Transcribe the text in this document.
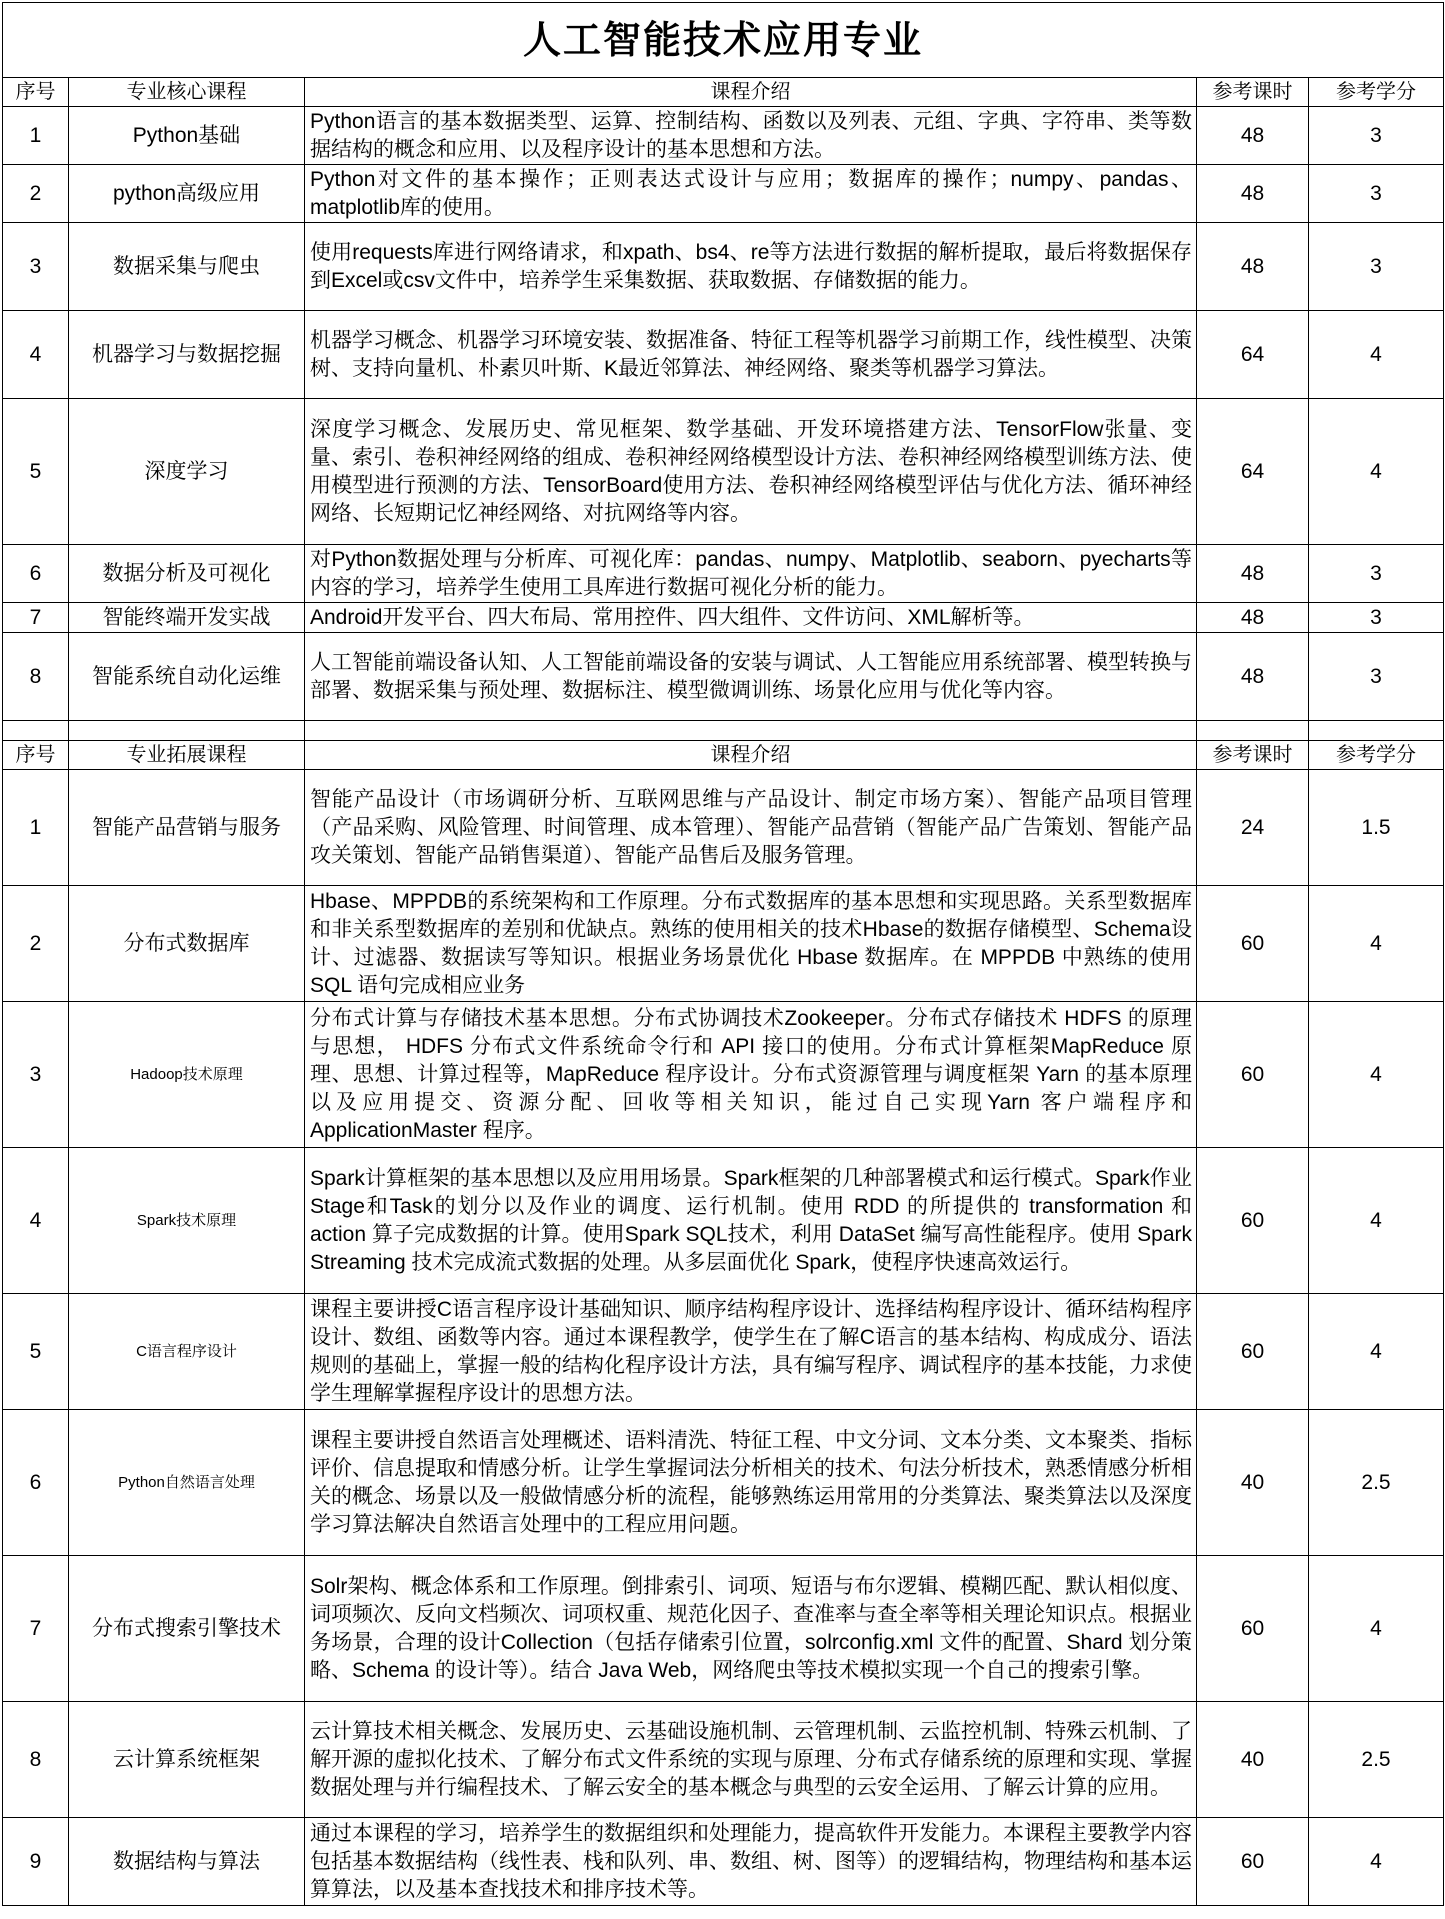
人工智能技术应用专业				
序号	专业核心课程	课程介绍	参考课时	参考学分
1	Python基础	Python语言的基本数据类型、运算、控制结构、函数以及列表、元组、字典、字符串、类等数据结构的概念和应用、以及程序设计的基本思想和方法。	48	3
2	python高级应用	Python对文件的基本操作；正则表达式设计与应用；数据库的操作；numpy、pandas、matplotlib库的使用。	48	3
3	数据采集与爬虫	使用requests库进行网络请求，和xpath、bs4、re等方法进行数据的解析提取，最后将数据保存到Excel或csv文件中，培养学生采集数据、获取数据、存储数据的能力。	48	3
4	机器学习与数据挖掘	机器学习概念、机器学习环境安装、数据准备、特征工程等机器学习前期工作，线性模型、决策树、支持向量机、朴素贝叶斯、K最近邻算法、神经网络、聚类等机器学习算法。	64	4
5	深度学习	深度学习概念、发展历史、常见框架、数学基础、开发环境搭建方法、TensorFlow张量、变量、索引、卷积神经网络的组成、卷积神经网络模型设计方法、卷积神经网络模型训练方法、使用模型进行预测的方法、TensorBoard使用方法、卷积神经网络模型评估与优化方法、循环神经网络、长短期记忆神经网络、对抗网络等内容。	64	4
6	数据分析及可视化	对Python数据处理与分析库、可视化库：pandas、numpy、Matplotlib、seaborn、pyecharts等内容的学习，培养学生使用工具库进行数据可视化分析的能力。	48	3
7	智能终端开发实战	Android开发平台、四大布局、常用控件、四大组件、文件访问、XML解析等。	48	3
8	智能系统自动化运维	人工智能前端设备认知、人工智能前端设备的安装与调试、人工智能应用系统部署、模型转换与部署、数据采集与预处理、数据标注、模型微调训练、场景化应用与优化等内容。	48	3

序号	专业拓展课程	课程介绍	参考课时	参考学分
1	智能产品营销与服务	智能产品设计（市场调研分析、互联网思维与产品设计、制定市场方案）、智能产品项目管理（产品采购、风险管理、时间管理、成本管理）、智能产品营销（智能产品广告策划、智能产品攻关策划、智能产品销售渠道）、智能产品售后及服务管理。	24	1.5
2	分布式数据库	Hbase、MPPDB的系统架构和工作原理。分布式数据库的基本思想和实现思路。关系型数据库和非关系型数据库的差别和优缺点。熟练的使用相关的技术Hbase的数据存储模型、Schema设计、过滤器、数据读写等知识。根据业务场景优化 Hbase 数据库。在 MPPDB 中熟练的使用 SQL 语句完成相应业务	60	4
3	Hadoop技术原理	分布式计算与存储技术基本思想。分布式协调技术Zookeeper。分布式存储技术 HDFS 的原理与思想， HDFS 分布式文件系统命令行和 API 接口的使用。分布式计算框架MapReduce 原理、思想、计算过程等，MapReduce 程序设计。分布式资源管理与调度框架 Yarn 的基本原理以及应用提交、资源分配、回收等相关知识，能过自己实现Yarn 客户端程序和 ApplicationMaster 程序。	60	4
4	Spark技术原理	Spark计算框架的基本思想以及应用用场景。Spark框架的几种部署模式和运行模式。Spark作业Stage和Task的划分以及作业的调度、运行机制。使用 RDD 的所提供的 transformation 和 action 算子完成数据的计算。使用Spark SQL技术，利用 DataSet 编写高性能程序。使用 Spark Streaming 技术完成流式数据的处理。从多层面优化 Spark，使程序快速高效运行。	60	4
5	C语言程序设计	课程主要讲授C语言程序设计基础知识、顺序结构程序设计、选择结构程序设计、循环结构程序设计、数组、函数等内容。通过本课程教学，使学生在了解C语言的基本结构、构成成分、语法规则的基础上，掌握一般的结构化程序设计方法，具有编写程序、调试程序的基本技能，力求使学生理解掌握程序设计的思想方法。	60	4
6	Python自然语言处理	课程主要讲授自然语言处理概述、语料清洗、特征工程、中文分词、文本分类、文本聚类、指标评价、信息提取和情感分析。让学生掌握词法分析相关的技术、句法分析技术，熟悉情感分析相关的概念、场景以及一般做情感分析的流程，能够熟练运用常用的分类算法、聚类算法以及深度学习算法解决自然语言处理中的工程应用问题。	40	2.5
7	分布式搜索引擎技术	Solr架构、概念体系和工作原理。倒排索引、词项、短语与布尔逻辑、模糊匹配、默认相似度、词项频次、反向文档频次、词项权重、规范化因子、查准率与查全率等相关理论知识点。根据业务场景，合理的设计Collection（包括存储索引位置，solrconfig.xml 文件的配置、Shard 划分策略、Schema 的设计等）。结合 Java Web，网络爬虫等技术模拟实现一个自己的搜索引擎。	60	4
8	云计算系统框架	云计算技术相关概念、发展历史、云基础设施机制、云管理机制、云监控机制、特殊云机制、了解开源的虚拟化技术、了解分布式文件系统的实现与原理、分布式存储系统的原理和实现、掌握数据处理与并行编程技术、了解云安全的基本概念与典型的云安全运用、了解云计算的应用。	40	2.5
9	数据结构与算法	通过本课程的学习，培养学生的数据组织和处理能力，提高软件开发能力。本课程主要教学内容包括基本数据结构（线性表、栈和队列、串、数组、树、图等）的逻辑结构，物理结构和基本运算算法，以及基本查找技术和排序技术等。	60	4
